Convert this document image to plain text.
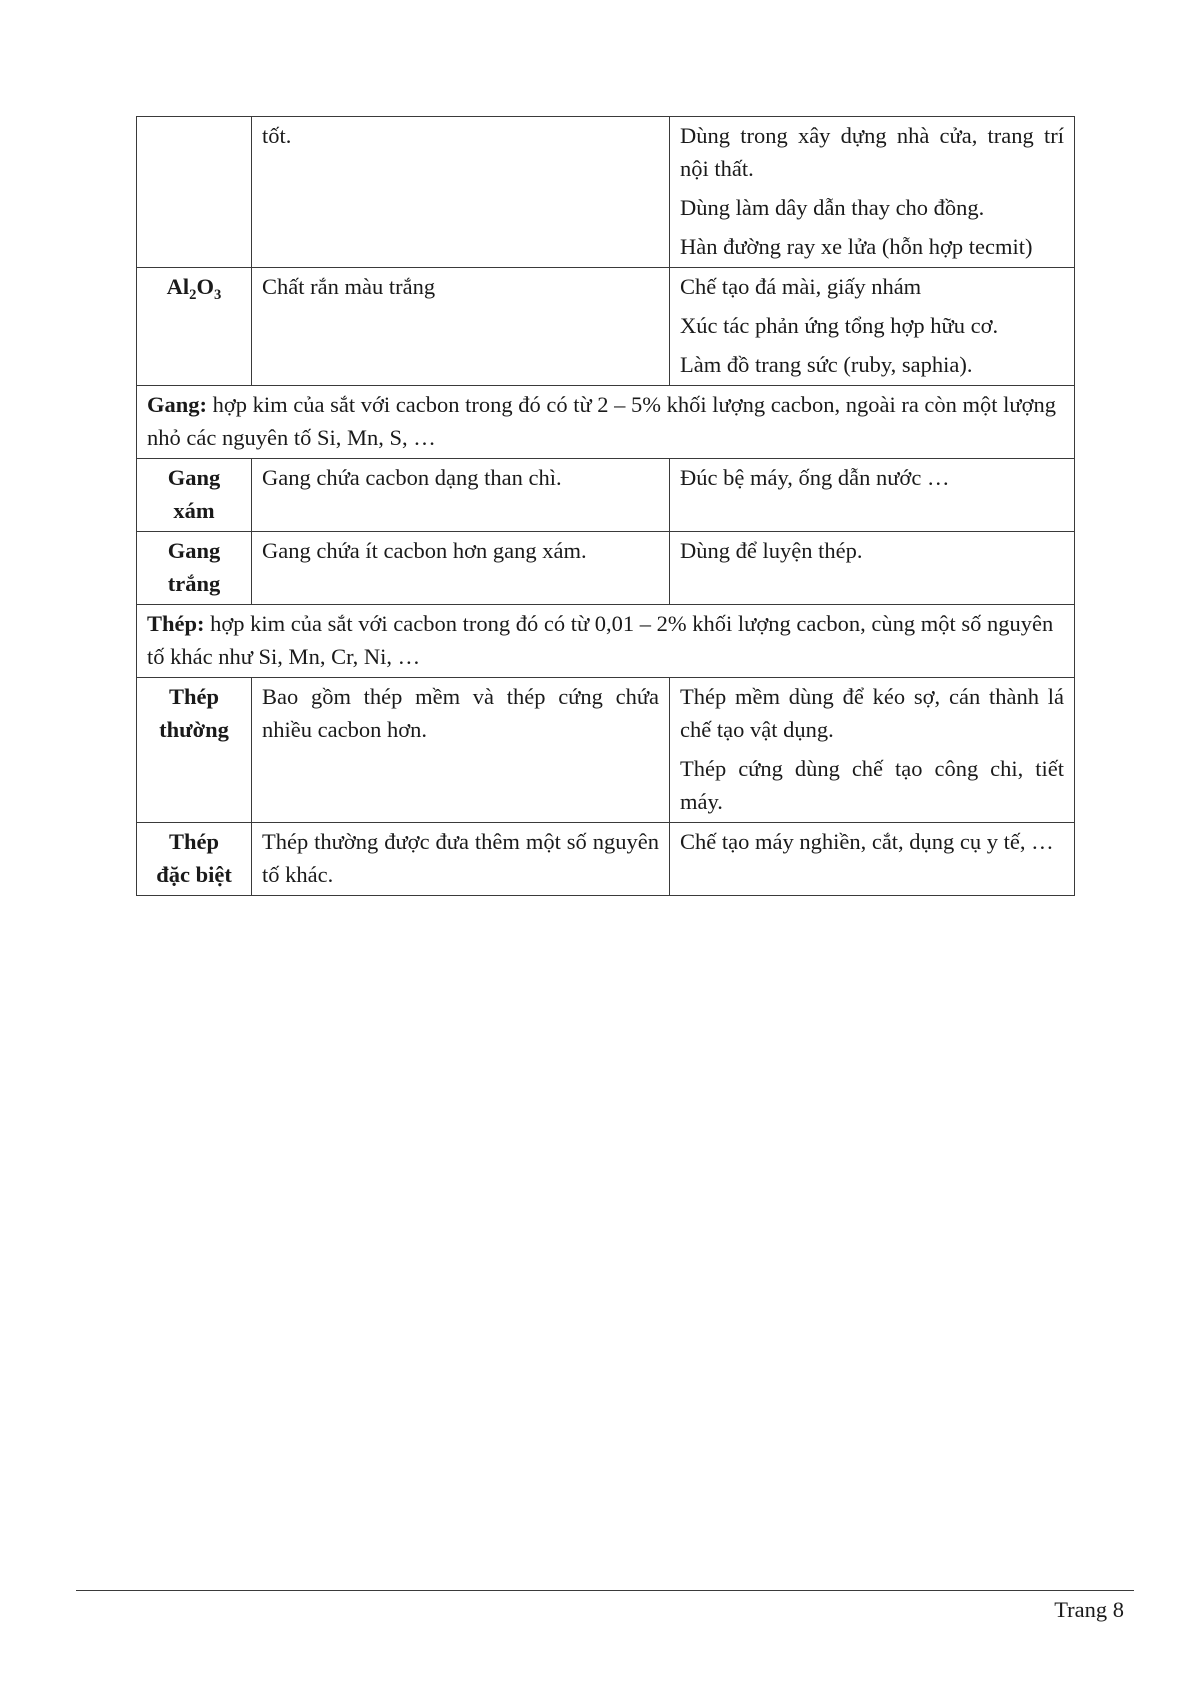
	tốt.	Dùng trong xây dựng nhà cửa, trang trí nội thất.
Dùng làm dây dẫn thay cho đồng.
Hàn đường ray xe lửa (hỗn hợp tecmit)

$Al_2O_3$	Chất rắn màu trắng	Chế tạo đá mài, giấy nhám
Xúc tác phản ứng tổng hợp hữu cơ.
Làm đồ trang sức (ruby, saphia).

Gang: hợp kim của sắt với cacbon trong đó có từ 2 – 5% khối lượng cacbon, ngoài ra còn một lượng nhỏ các nguyên tố Si, Mn, S, …		
Gang
xám	Gang chứa cacbon dạng than chì.	Đúc bệ máy, ống dẫn nước …

Gang
trắng	Gang chứa ít cacbon hơn gang xám.	Dùng để luyện thép.

Thép: hợp kim của sắt với cacbon trong đó có từ 0,01 – 2% khối lượng cacbon, cùng một số nguyên tố khác như Si, Mn, Cr, Ni, …		
Thép
thường	Bao gồm thép mềm và thép cứng chứa nhiều cacbon hơn.	Thép mềm dùng để kéo sợ, cán thành lá chế tạo vật dụng.
Thép cứng dùng chế tạo công chi, tiết máy.

Thép
đặc biệt	Thép thường được đưa thêm một số nguyên tố khác.	Chế tạo máy nghiền, cắt, dụng cụ y tế, …
Trang 8
